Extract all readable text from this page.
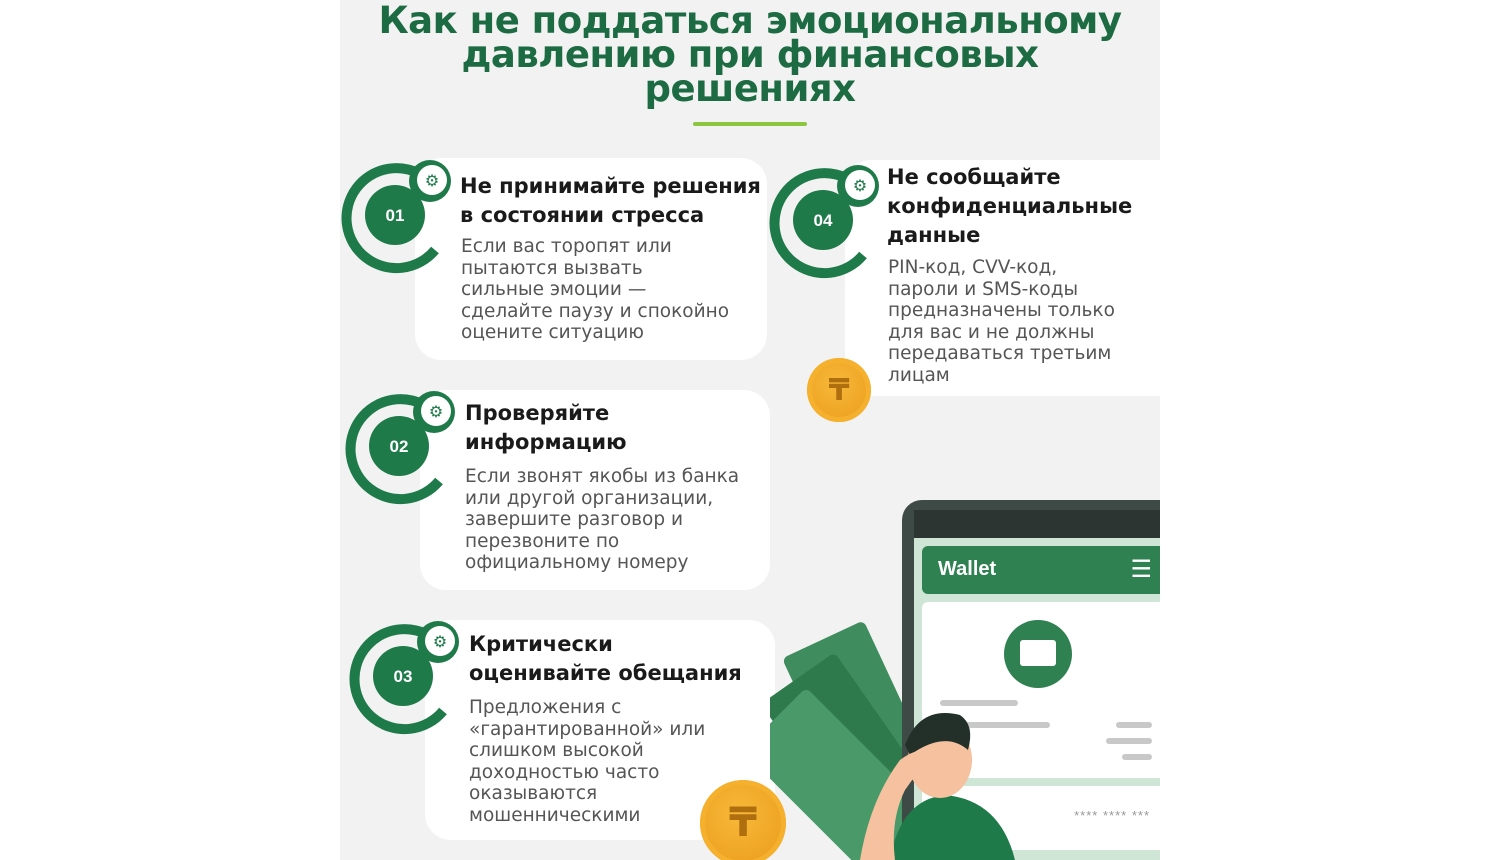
Как не поддаться эмоциональному
давлению при финансовых
решениях
⚙
01
⚙
02
⚙
03
⚙
04
Не принимайте решения
в состоянии стресса
Если вас торопят или
пытаются вызвать
сильные эмоции —
сделайте паузу и спокойно
оцените ситуацию
Проверяйте
информацию
Если звонят якобы из банка
или другой организации,
завершите разговор и
перезвоните по
официальному номеру
Критически
оценивайте обещания
Предложения с
«гарантированной» или
слишком высокой
доходностью часто
оказываются
мошенническими
Не сообщайте
конфиденциальные
данные
PIN-код, CVV-код,
пароли и SMS-коды
предназначены только
для вас и не должны
передаваться третьим
лицам
₸
₸
Wallet	☰
**** **** ***
